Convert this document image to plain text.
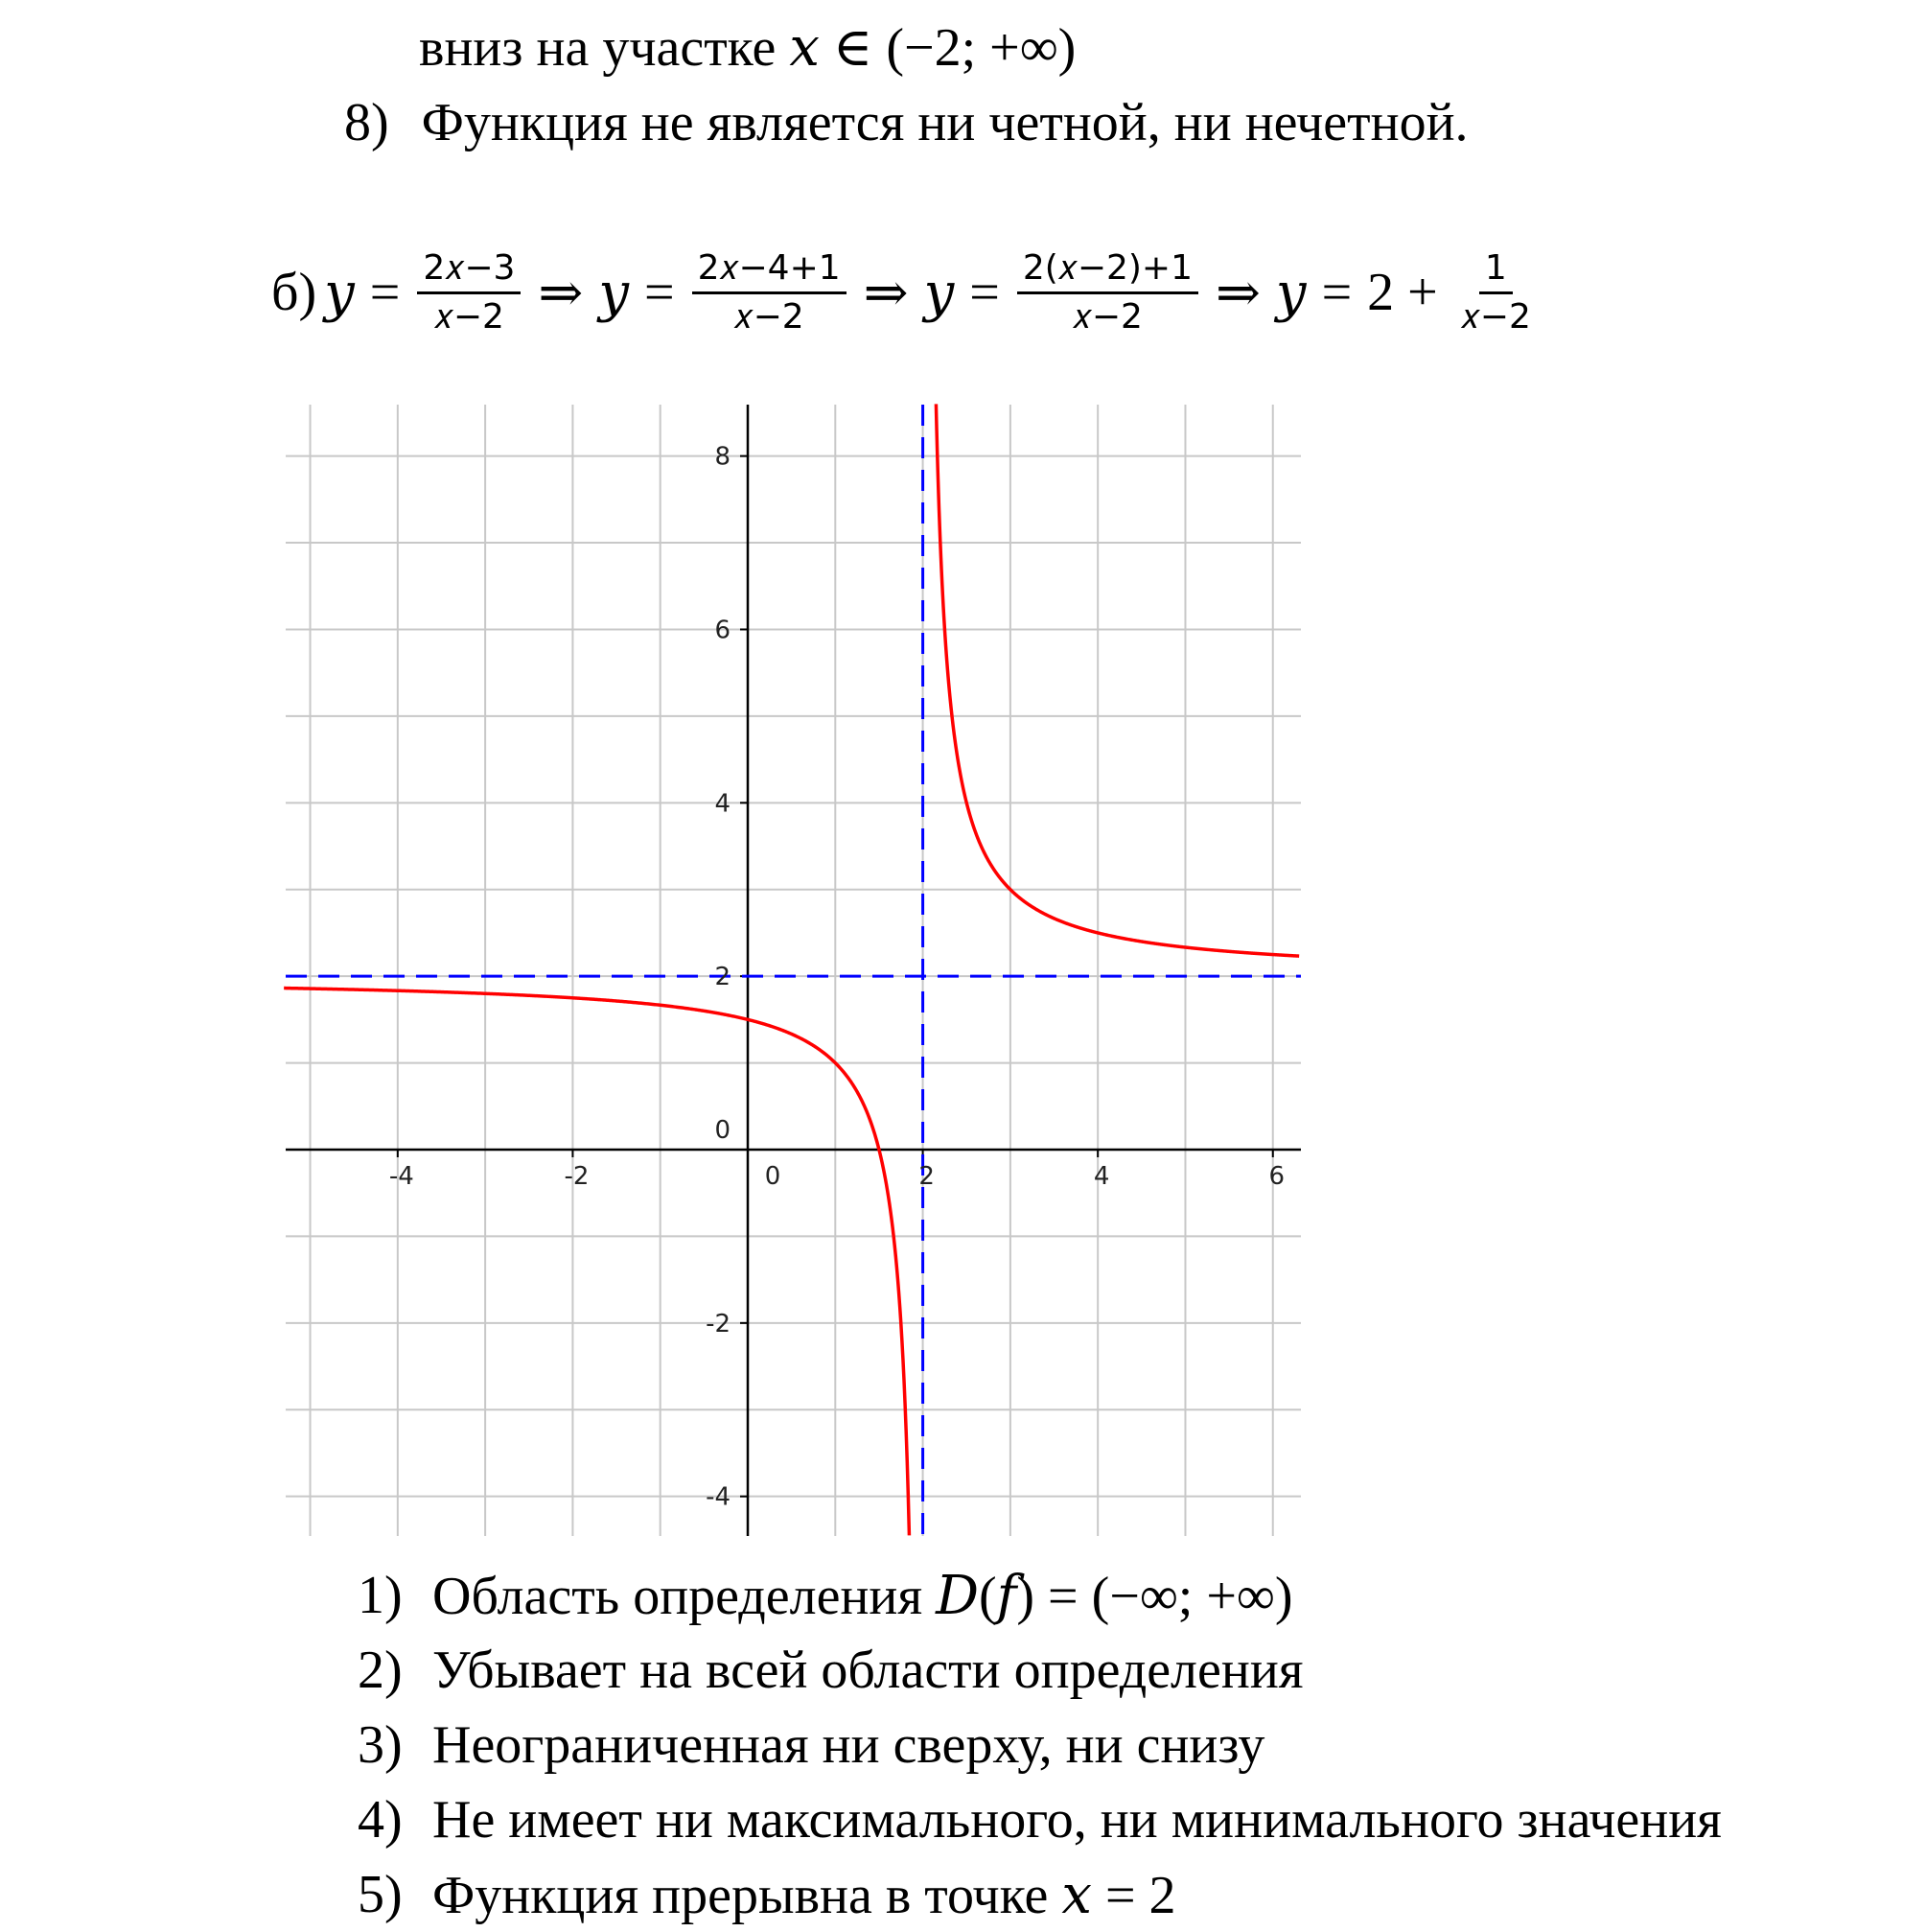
вниз на участке 𝑥 ∈ (−2; +∞)
8) Функция не является ни четной, ни нечетной.
б) 𝑦 = $\frac{\text{2𝑥−3}}{\text{𝑥−2}}$ ⇒ 𝑦 = $\frac{\text{2𝑥−4+1}}{\text{𝑥−2}}$ ⇒ 𝑦 = $\frac{\text{2(𝑥−2)+1}}{\text{𝑥−2}}$ ⇒ 𝑦 = $2 + \frac{1}{\text{𝑥−2}}$
-4	-2	0	2	4	6
-4
-2
0
2
4
6
8
1) Область определения 𝐷(𝑓) = (−∞; +∞)
2) Убывает на всей области определения
3) Неограниченная ни сверху, ни снизу
4) Не имеет ни максимального, ни минимального значения
5) Функция прерывна в точке 𝑥 = 2
